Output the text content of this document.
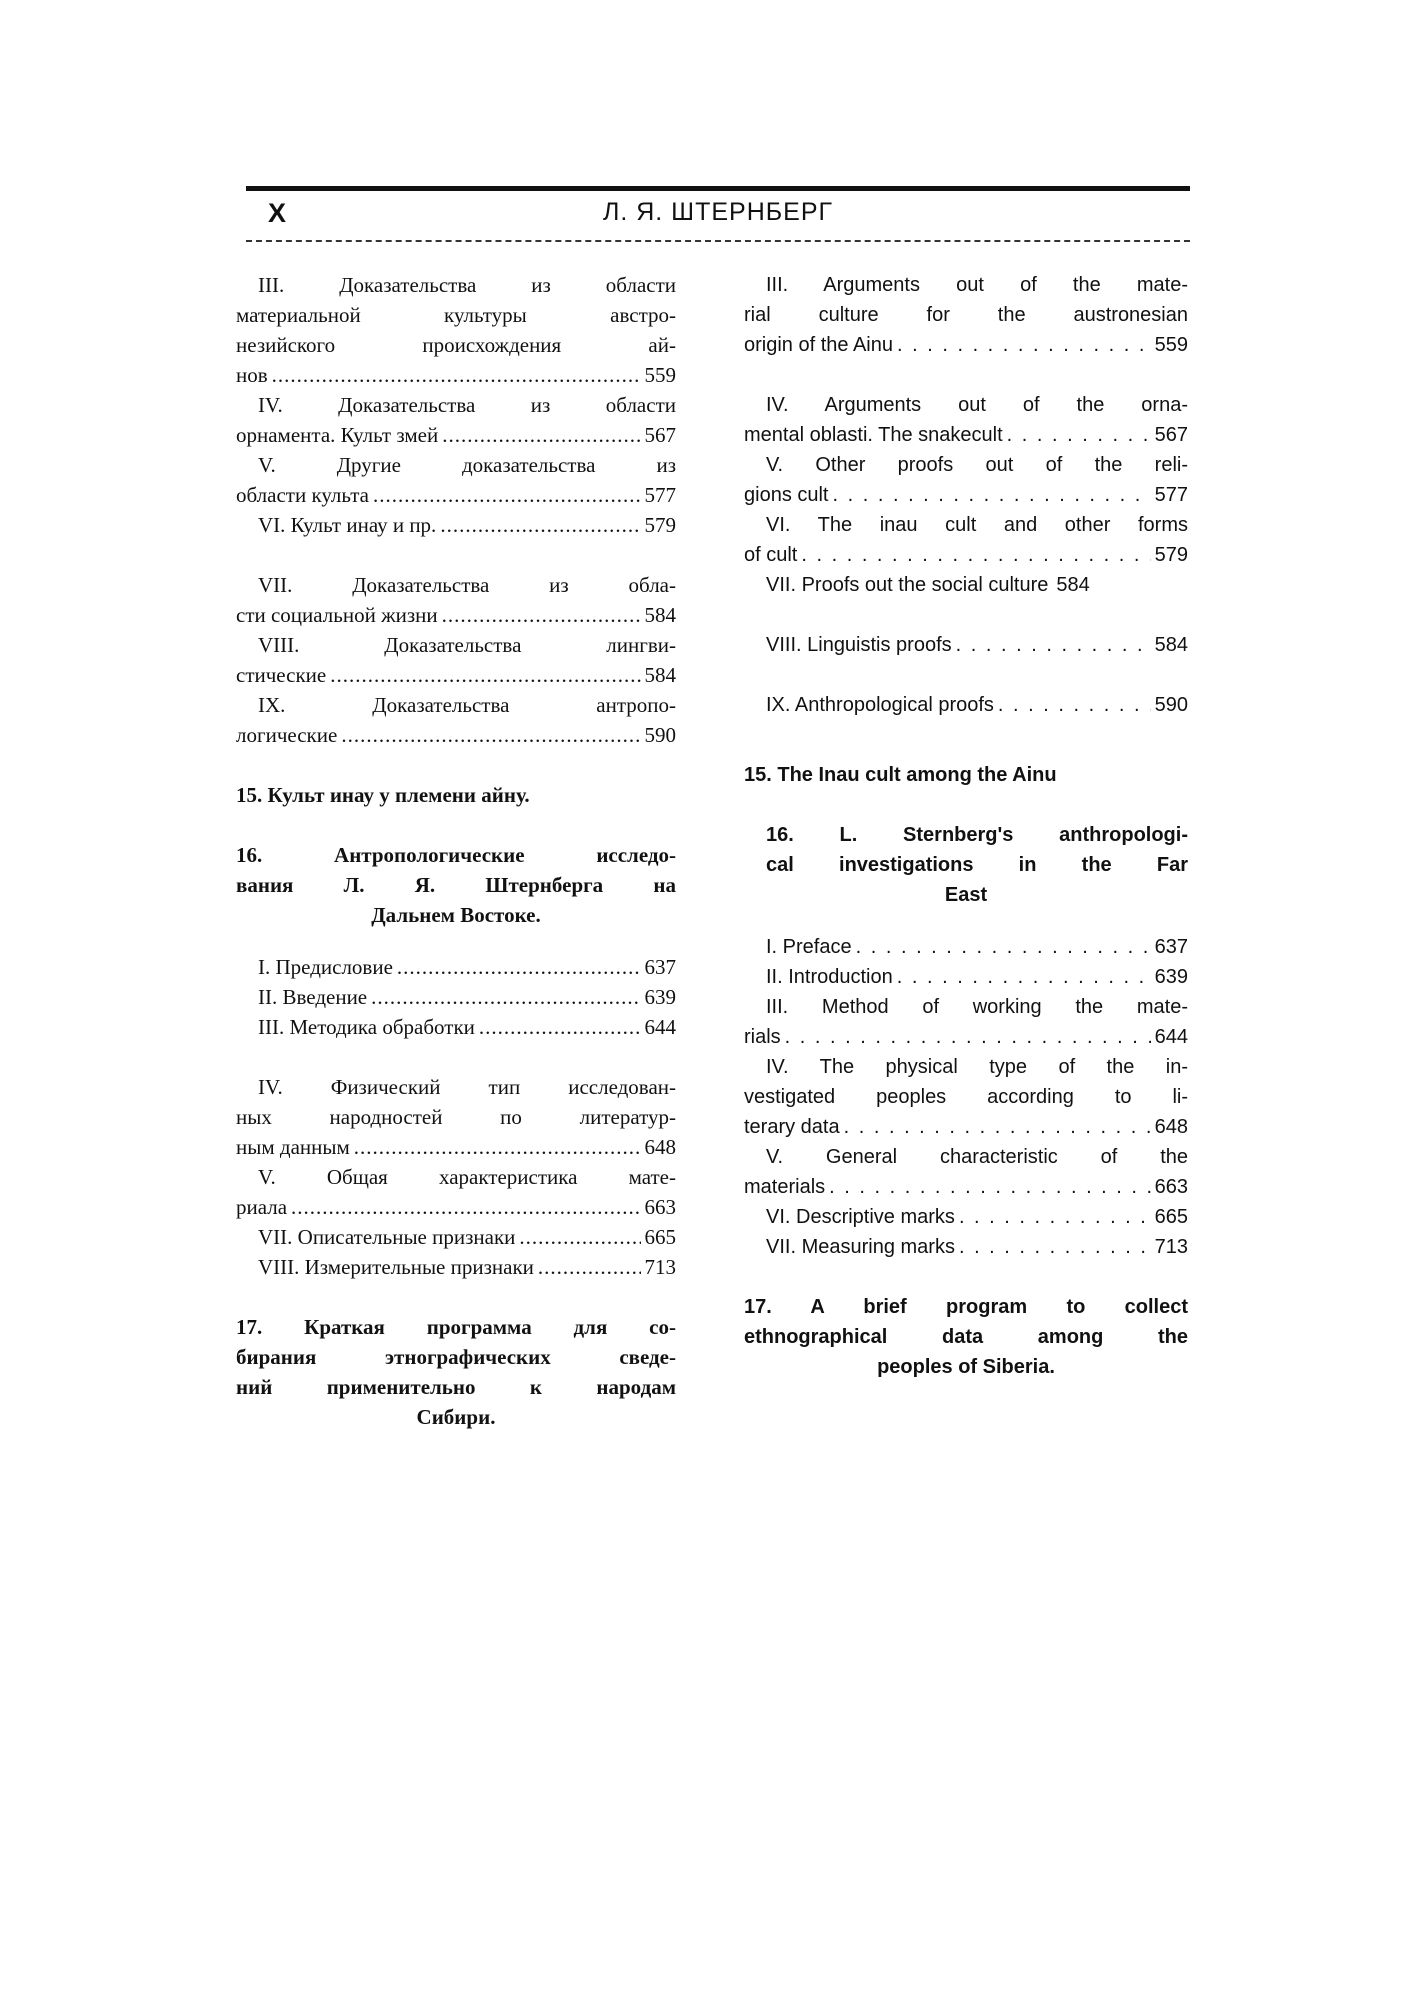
X	Л. Я. ШТЕРНБЕРГ
III. Доказательства из области
материальной культуры австро-
незийского происхождения ай-
нов .....	559
IV. Доказательства из области
орнамента. Культ змей .....	567
V. Другие доказательства из
области культа .....	577
VI. Культ инау и пр. .....	579
VII. Доказательства из обла-
сти социальной жизни .....	584
VIII. Доказательства лингви-
стические .....	584
IX. Доказательства антропо-
логические .....	590
15. Культ инау у племени айну.
16. Антропологические исследо-
вания Л. Я. Штернберга на
Дальнем Востоке.
I. Предисловие .....	637
II. Введение .....	639
III. Методика обработки .....	644
IV. Физический тип исследован-
ных народностей по литератур-
ным данным .....	648
V. Общая характеристика мате-
риала .....	663
VII. Описательные признаки .....	665
VIII. Измерительные признаки .....	713
17. Краткая программа для со-
бирания этнографических сведе-
ний применительно к народам
Сибири.
III. Arguments out of the mate-
rial culture for the austronesian
origin of the Ainu . . .	559
IV. Arguments out of the orna-
mental oblasti. The snakecult . . .	567
V. Other proofs out of the reli-
gions cult . . .	577
VI. The inau cult and other forms
of cult . . .	579
VII. Proofs out the social culture 584
VIII. Linguistis proofs . . .	584
IX. Anthropological proofs . . .	590
15. The Inau cult among the Ainu
16. L. Sternberg's anthropologi-
cal investigations in the Far
East
I. Preface . . .	637
II. Introduction . . .	639
III. Method of working the mate-
rials . . .	644
IV. The physical type of the in-
vestigated peoples according to li-
terary data . . .	648
V. General characteristic of the
materials . . .	663
VI. Descriptive marks . . .	665
VII. Measuring marks . . .	713
17. A brief program to collect
ethnographical data among the
peoples of Siberia.
